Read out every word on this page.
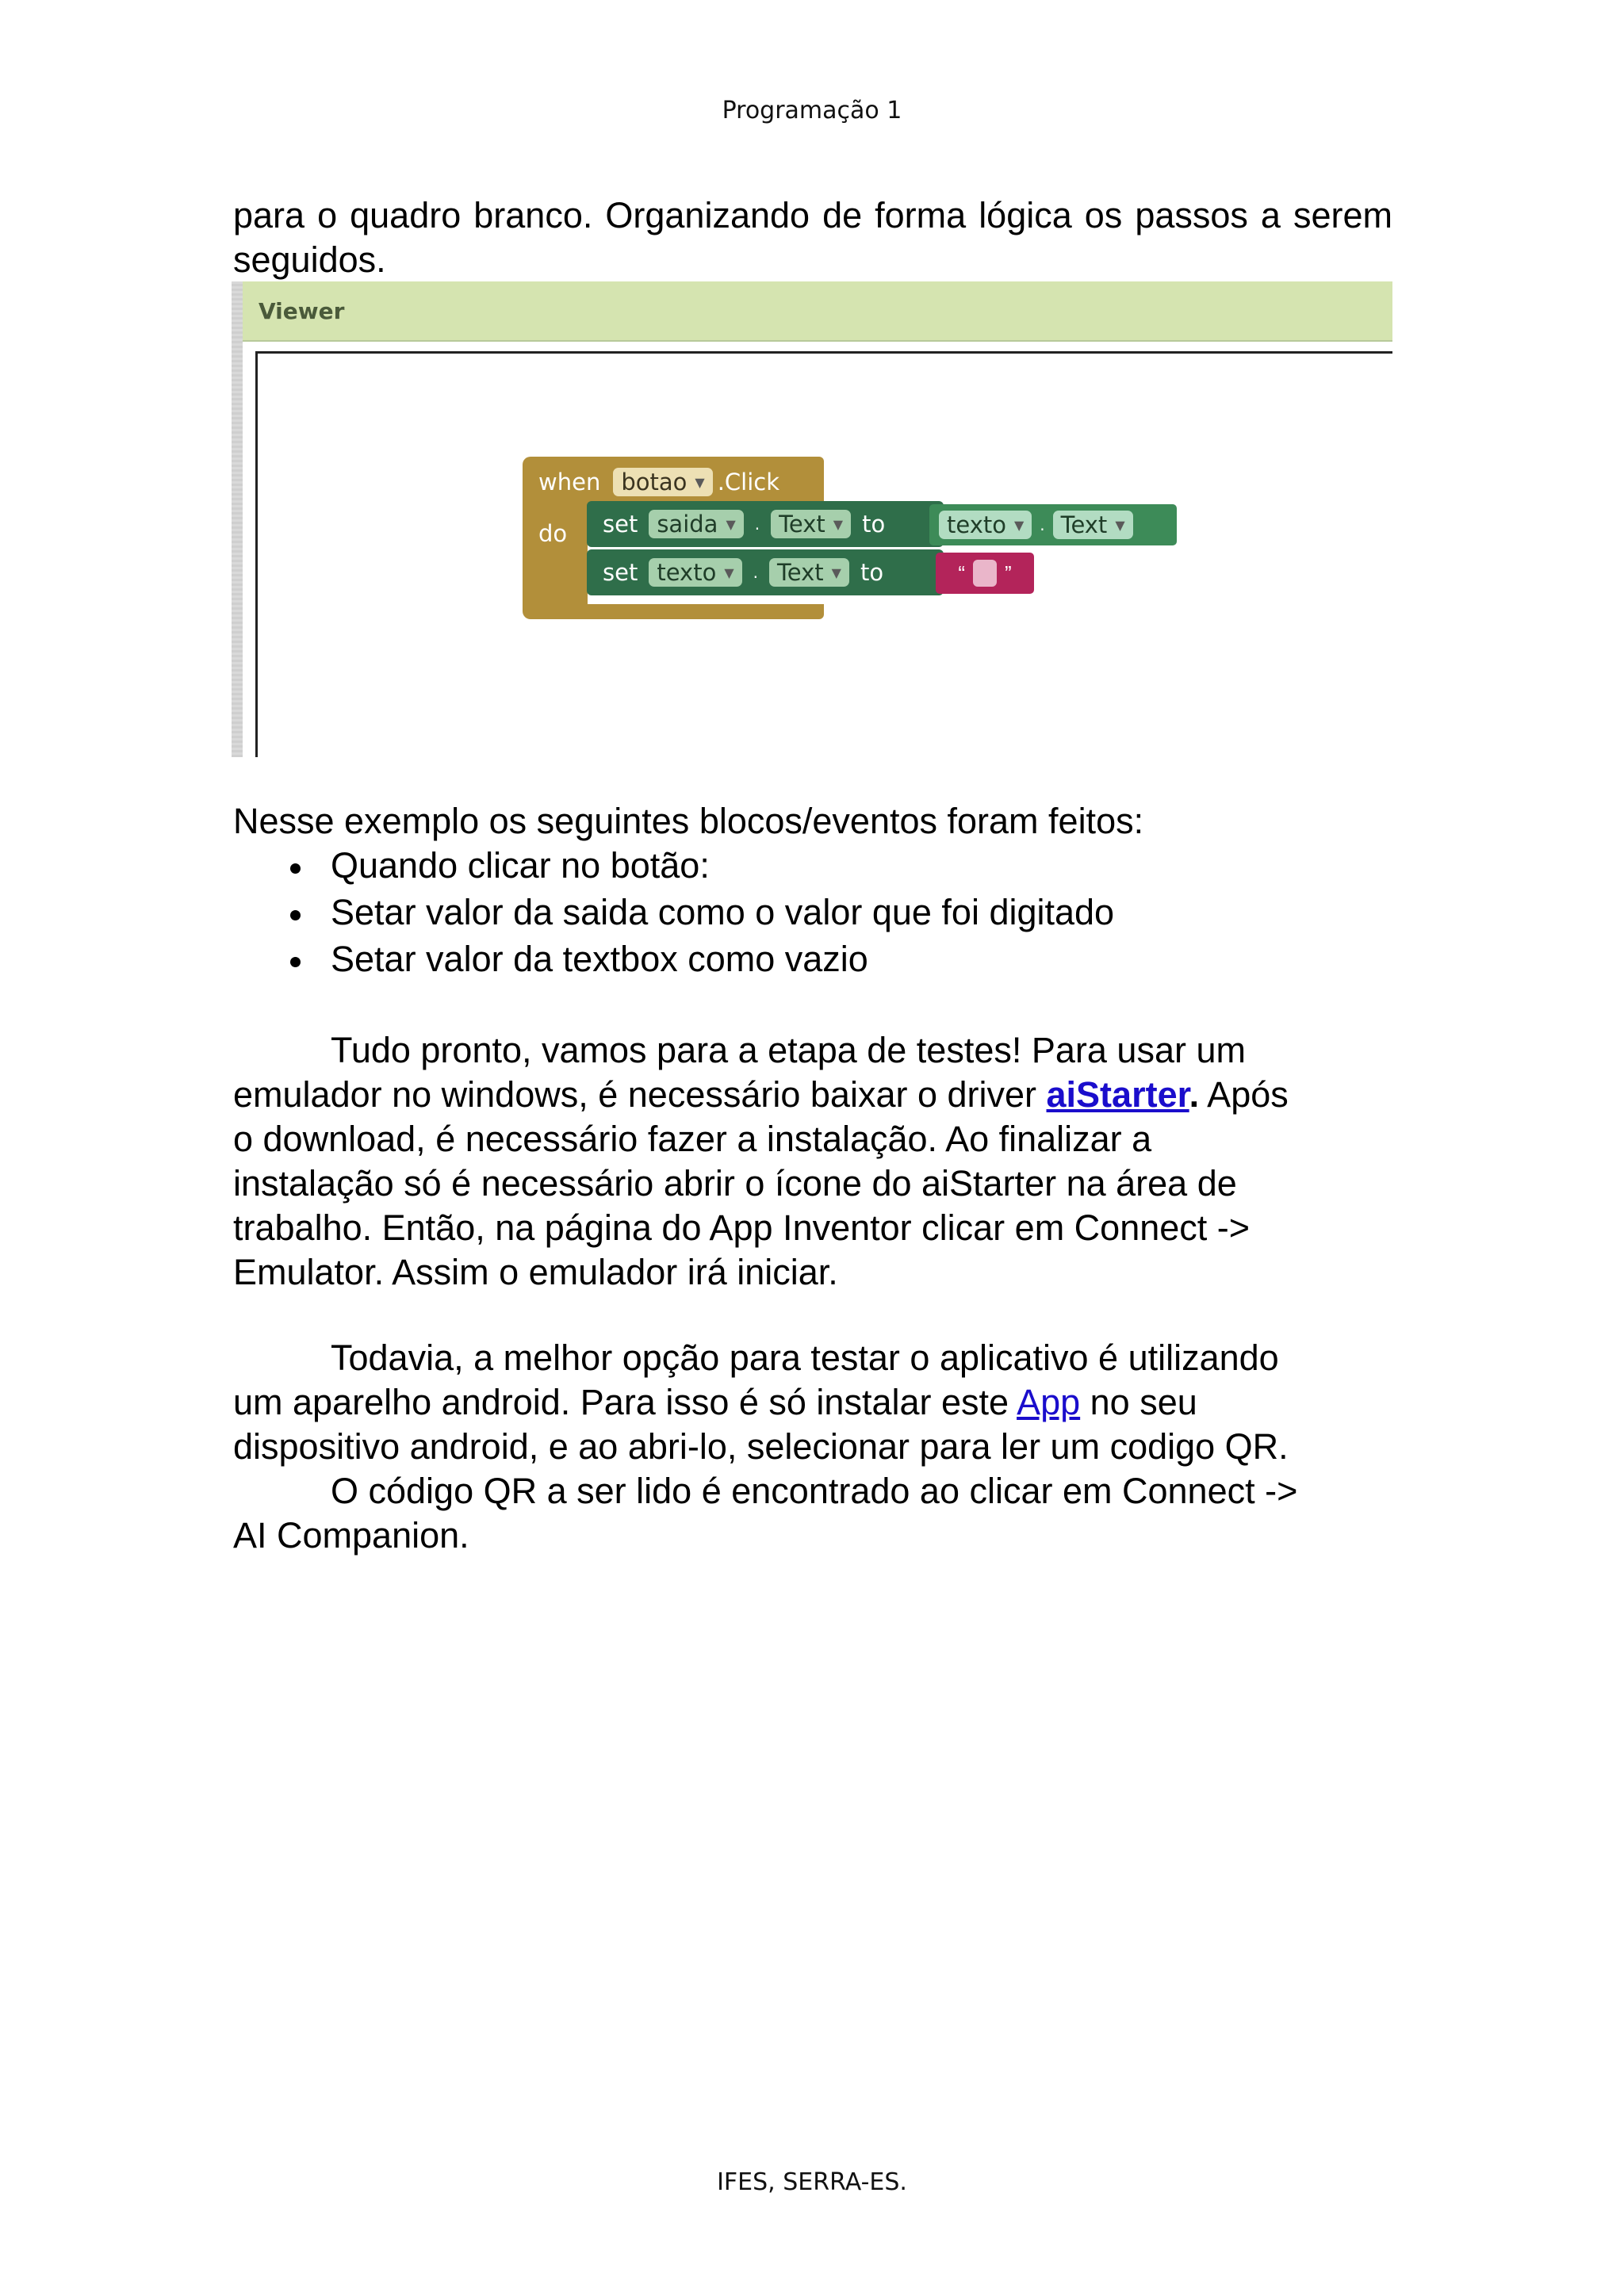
Programação 1

para o quadro branco. Organizando de forma lógica os passos a serem seguidos.

Viewer
when botao ▼ .Click
do set saida ▼ . Text ▼ to	texto ▼ . Text ▼
set texto ▼ . Text ▼ to	“ ”
Nesse exemplo os seguintes blocos/eventos foram feitos:
Quando clicar no botão:
Setar valor da saida como o valor que foi digitado
Setar valor da textbox como vazio

Tudo pronto, vamos para a etapa de testes! Para usar um

emulador no windows, é necessário baixar o driver aiStarter. Após

o download, é necessário fazer a instalação. Ao finalizar a

instalação só é necessário abrir o ícone do aiStarter na área de

trabalho. Então, na página do App Inventor clicar em Connect ->

Emulator. Assim o emulador irá iniciar.

Todavia, a melhor opção para testar o aplicativo é utilizando

um aparelho android. Para isso é só instalar este App no seu

dispositivo android, e ao abri-lo, selecionar para ler um codigo QR.

O código QR a ser lido é encontrado ao clicar em Connect ->

AI Companion.

IFES, SERRA-ES.
